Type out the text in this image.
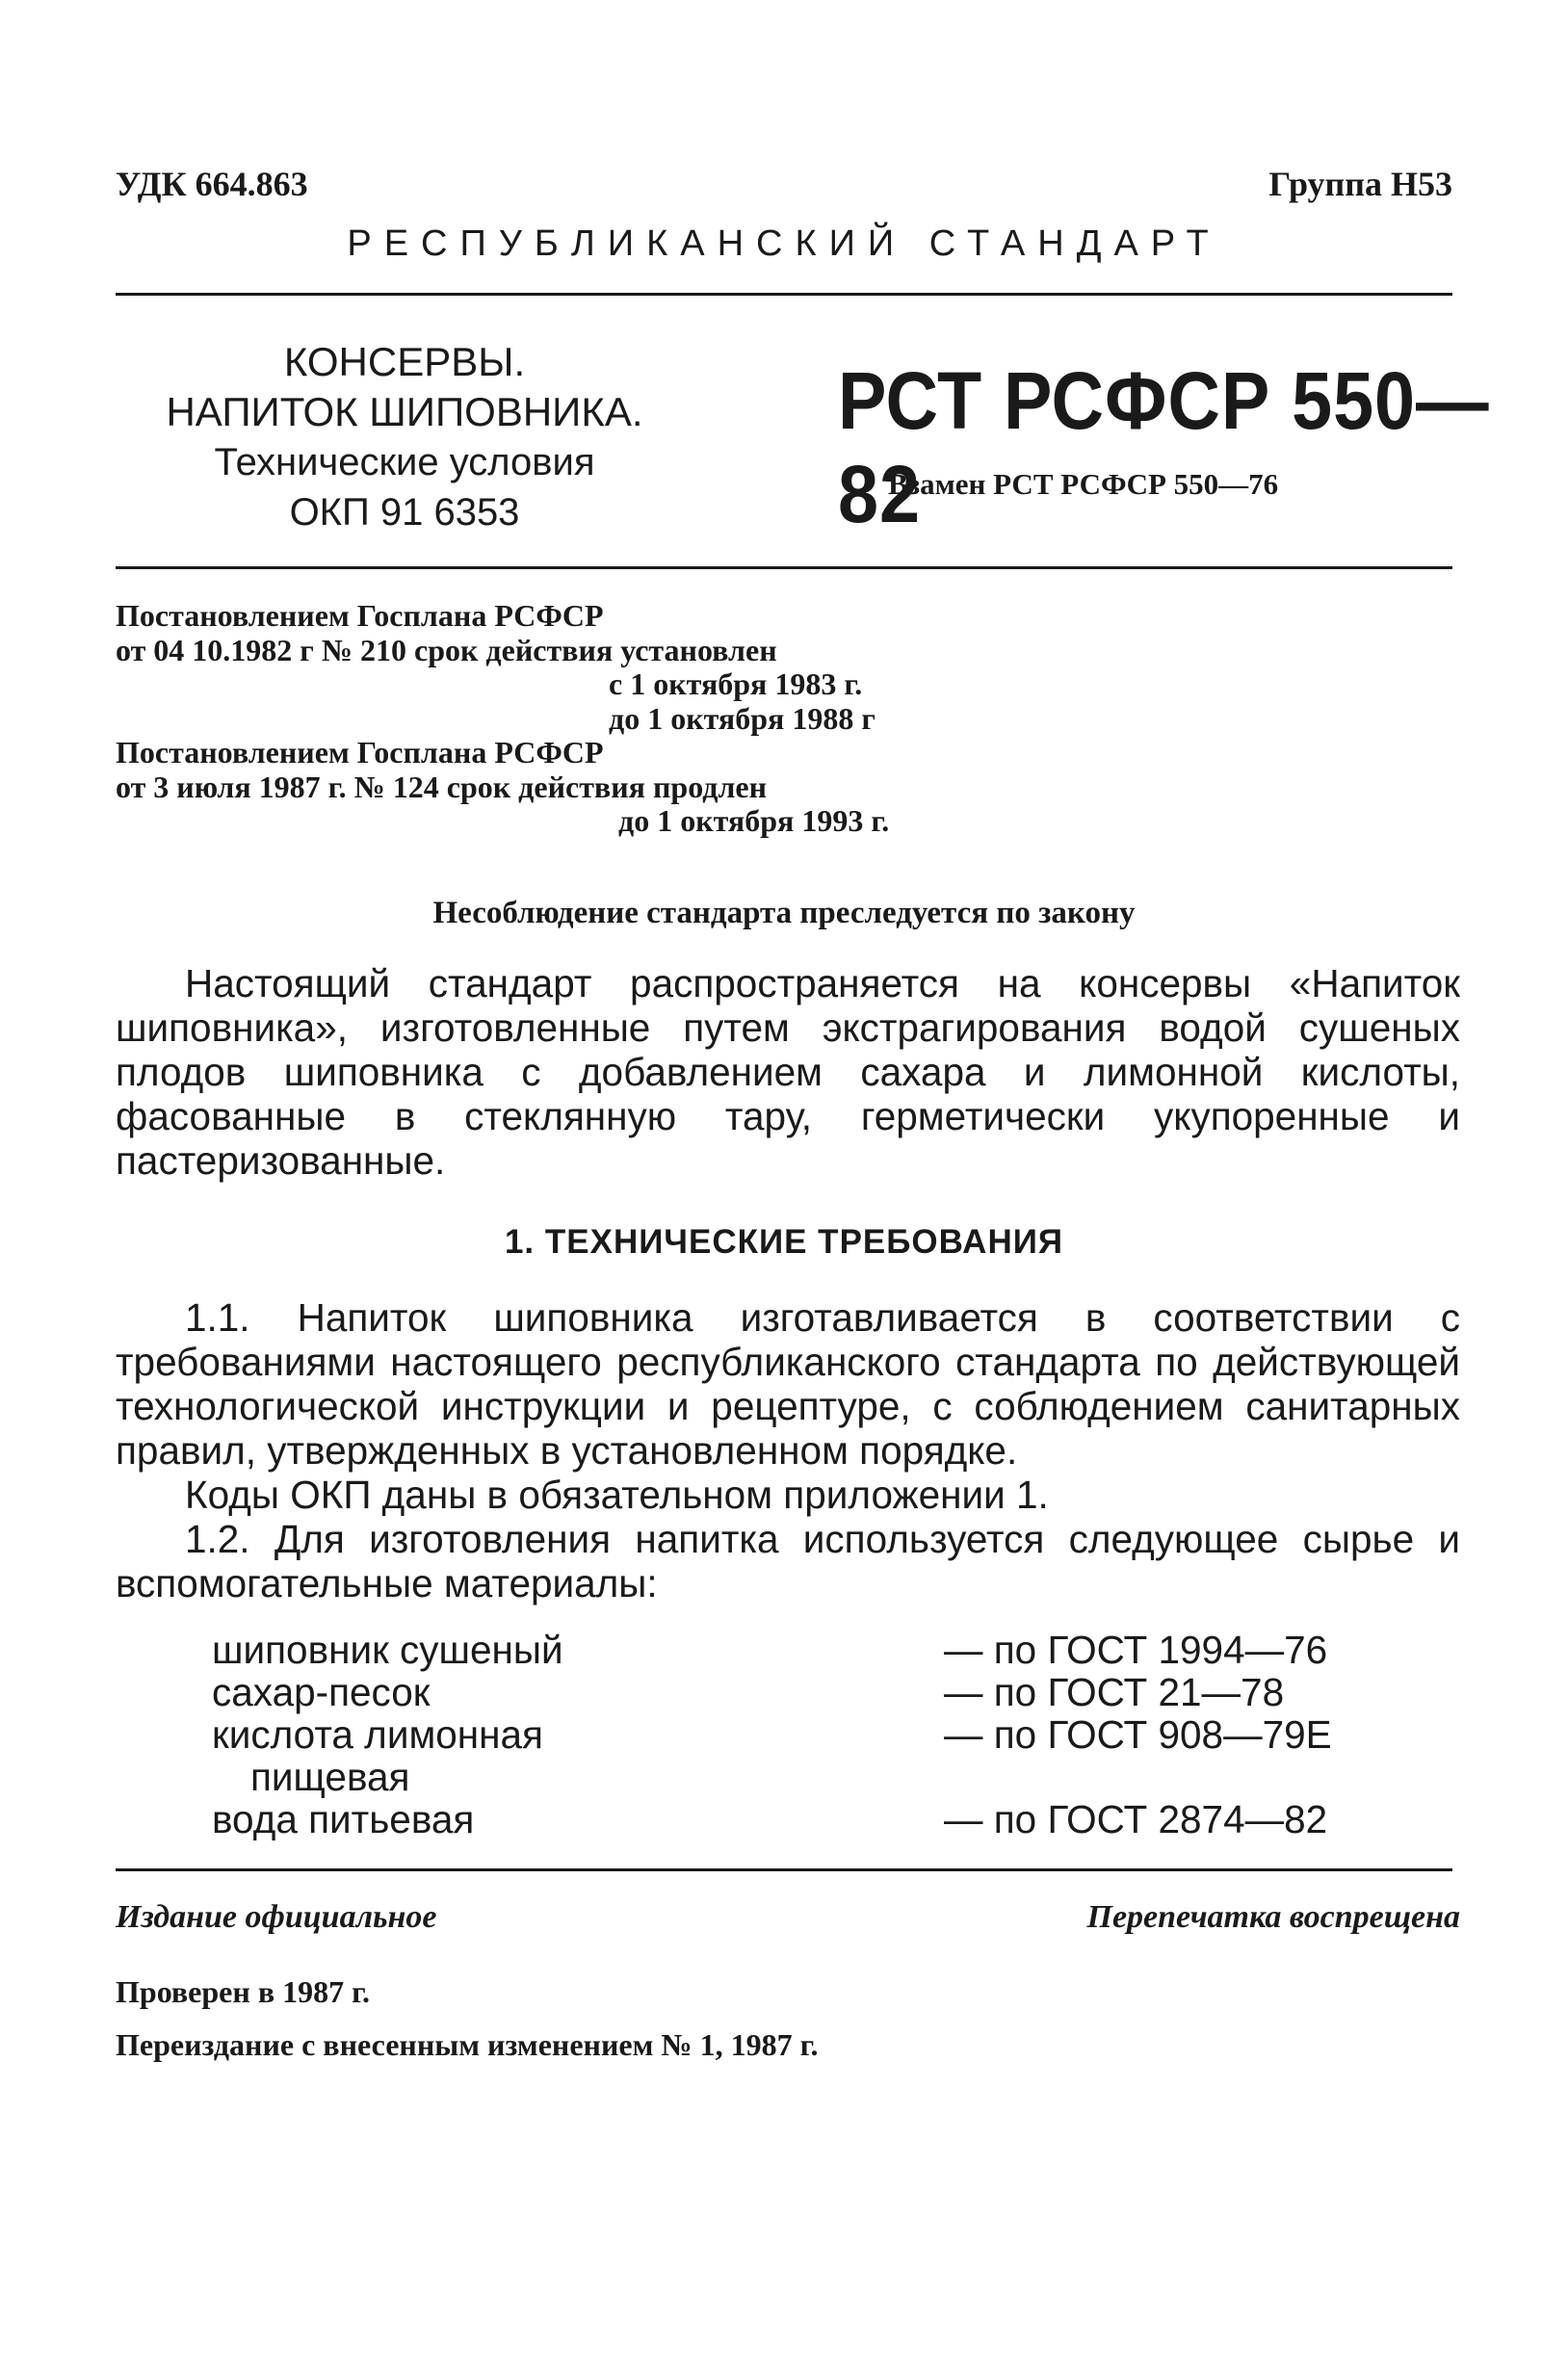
УДК 664.863	Группа Н53
РЕСПУБЛИКАНСКИЙ СТАНДАРТ
КОНСЕРВЫ.
НАПИТОК ШИПОВНИКА.
Технические условия
ОКП 91 6353
РСТ РСФСР 550—82
Взамен РСТ РСФСР 550—76
Постановлением Госплана РСФСР
от 04 10.1982 г № 210 срок действия установлен
с 1 октября 1983 г.
до 1 октября 1988 г
Постановлением Госплана РСФСР
от 3 июля 1987 г. № 124 срок действия продлен
до 1 октября 1993 г.
Несоблюдение стандарта преследуется по закону

Настоящий стандарт распространяется на консервы «Напиток шиповника», изготовленные путем экстрагирования водой сушеных плодов шиповника с добавлением сахара и лимонной кислоты, фасованные в стеклянную тару, герметически укупоренные и пастеризованные.

1. ТЕХНИЧЕСКИЕ ТРЕБОВАНИЯ

1.1. Напиток шиповника изготавливается в соответствии с требованиями настоящего республиканского стандарта по действующей технологической инструкции и рецептуре, с соблюдением санитарных правил, утвержденных в установленном порядке.

Коды ОКП даны в обязательном приложении 1.

1.2. Для изготовления напитка используется следующее сырье и вспомогательные материалы:

шиповник сушеный	— по ГОСТ 1994—76
сахар-песок	— по ГОСТ 21—78
кислота лимонная	— по ГОСТ 908—79Е
пищевая
вода питьевая	— по ГОСТ 2874—82
Издание официальное	Перепечатка воспрещена
Проверен в 1987 г.
Переиздание с внесенным изменением № 1, 1987 г.
